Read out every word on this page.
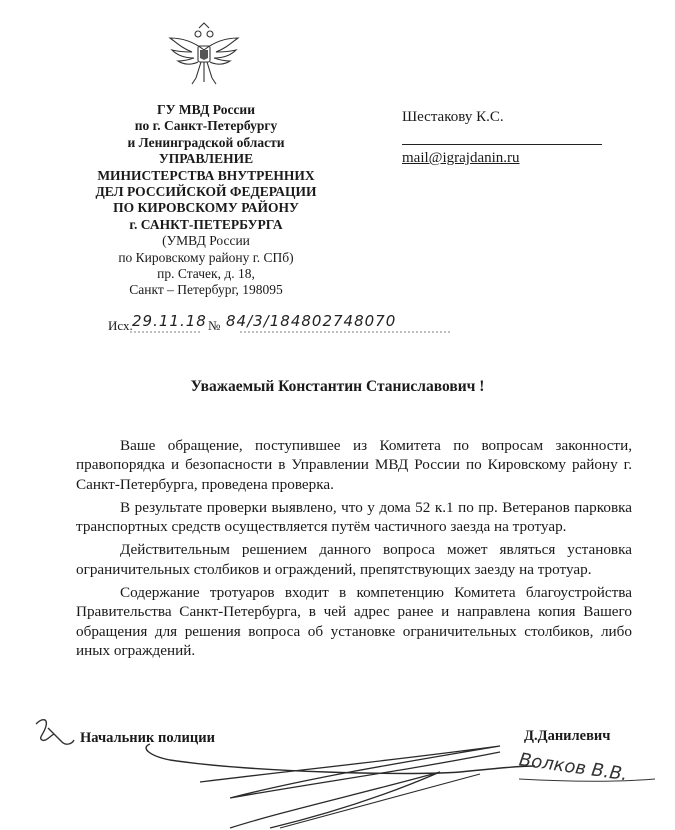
ГУ МВД России
по г. Санкт-Петербургу
и Ленинградской области
УПРАВЛЕНИЕ
МИНИСТЕРСТВА ВНУТРЕННИХ
ДЕЛ РОССИЙСКОЙ ФЕДЕРАЦИИ
ПО КИРОВСКОМУ РАЙОНУ
г. САНКТ-ПЕТЕРБУРГА
(УМВД России
по Кировскому району г. СПб)
пр. Стачек, д. 18,
Санкт – Петербург, 198095
Шестакову К.С.
mail@igrajdanin.ru
Исх. 29.11.18 № 84/3/184802748070
Уважаемый Константин Станиславович !

Ваше обращение, поступившее из Комитета по вопросам законности, правопорядка и безопасности в Управлении МВД России по Кировскому району г. Санкт-Петербурга, проведена проверка.

В результате проверки выявлено, что у дома 52 к.1 по пр. Ветеранов парковка транспортных средств осуществляется путём частичного заезда на тротуар.

Действительным решением данного вопроса может являться установка ограничительных столбиков и ограждений, препятствующих заезду на тротуар.

Содержание тротуаров входит в компетенцию Комитета благоустройства Правительства Санкт-Петербурга, в чей адрес ранее и направлена копия Вашего обращения для решения вопроса об установке ограничительных столбиков, либо иных ограждений.

Начальник полиции	Д.Данилевич
Волков В.В.
